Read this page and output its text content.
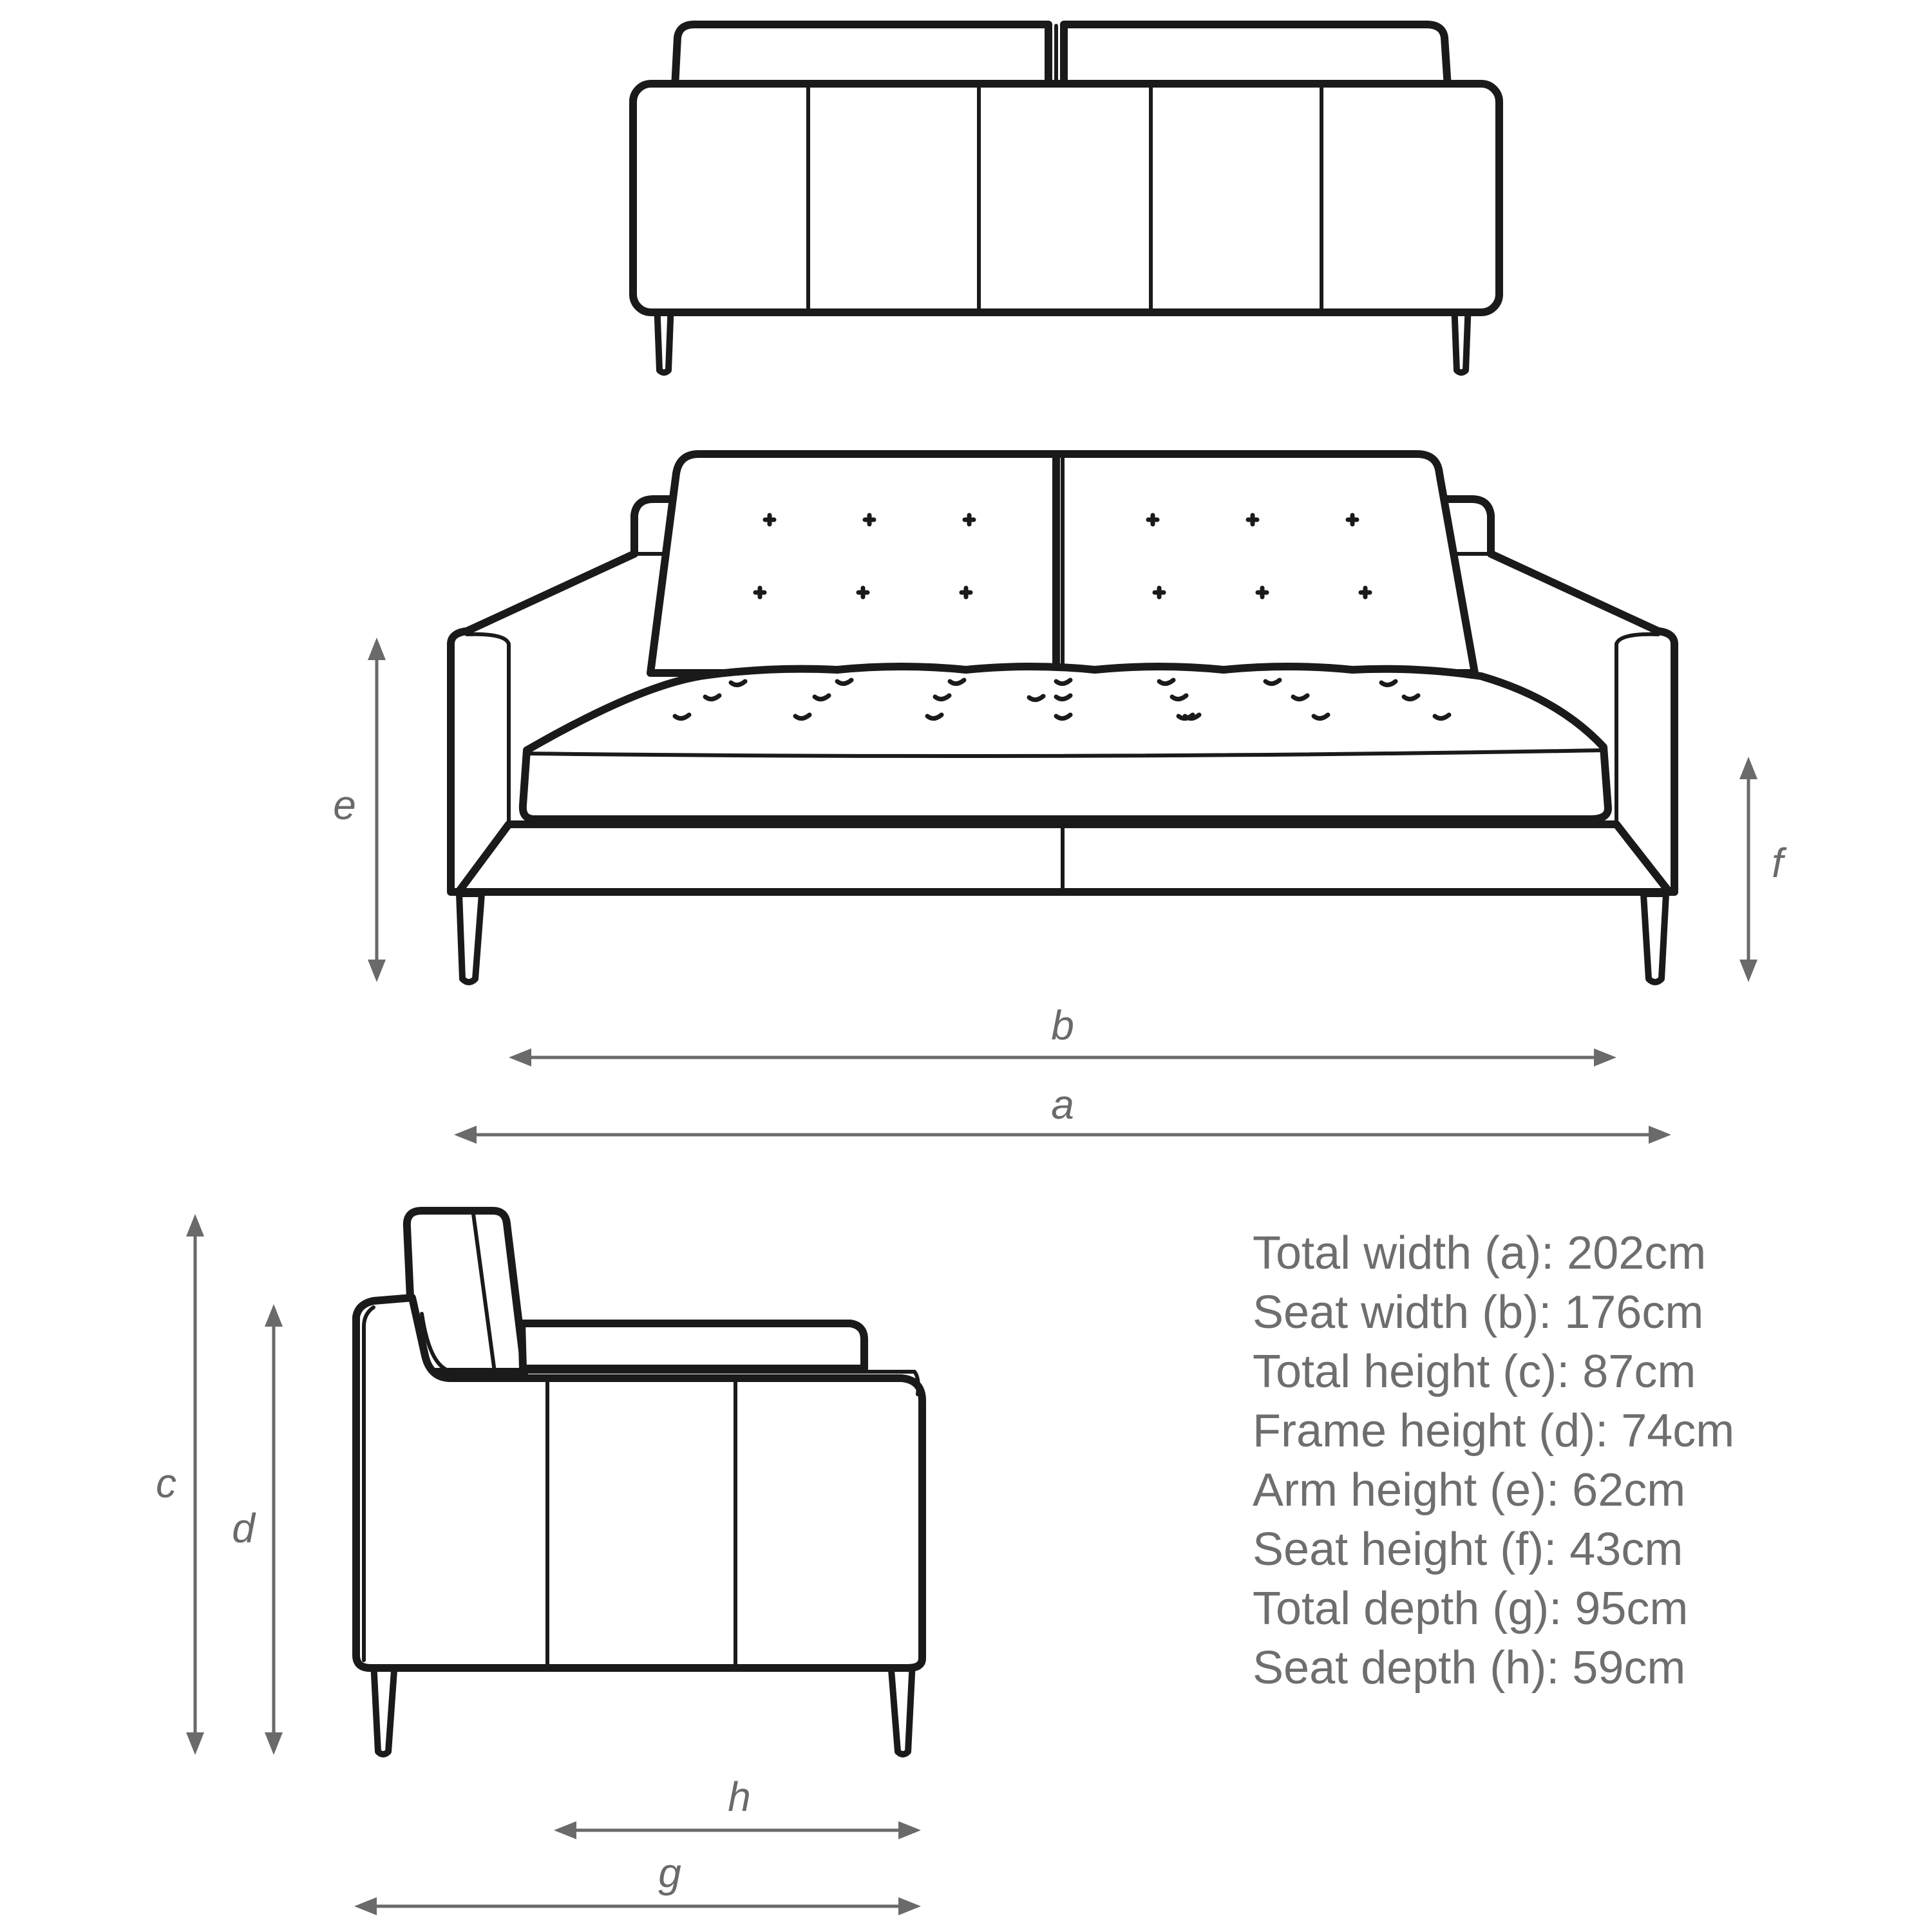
b
a
e
f
c
d
h
g
Total width (a): 202cm
Seat width (b): 176cm
Total height (c): 87cm
Frame height (d): 74cm
Arm height (e): 62cm
Seat height (f): 43cm
Total depth (g): 95cm
Seat depth (h): 59cm
